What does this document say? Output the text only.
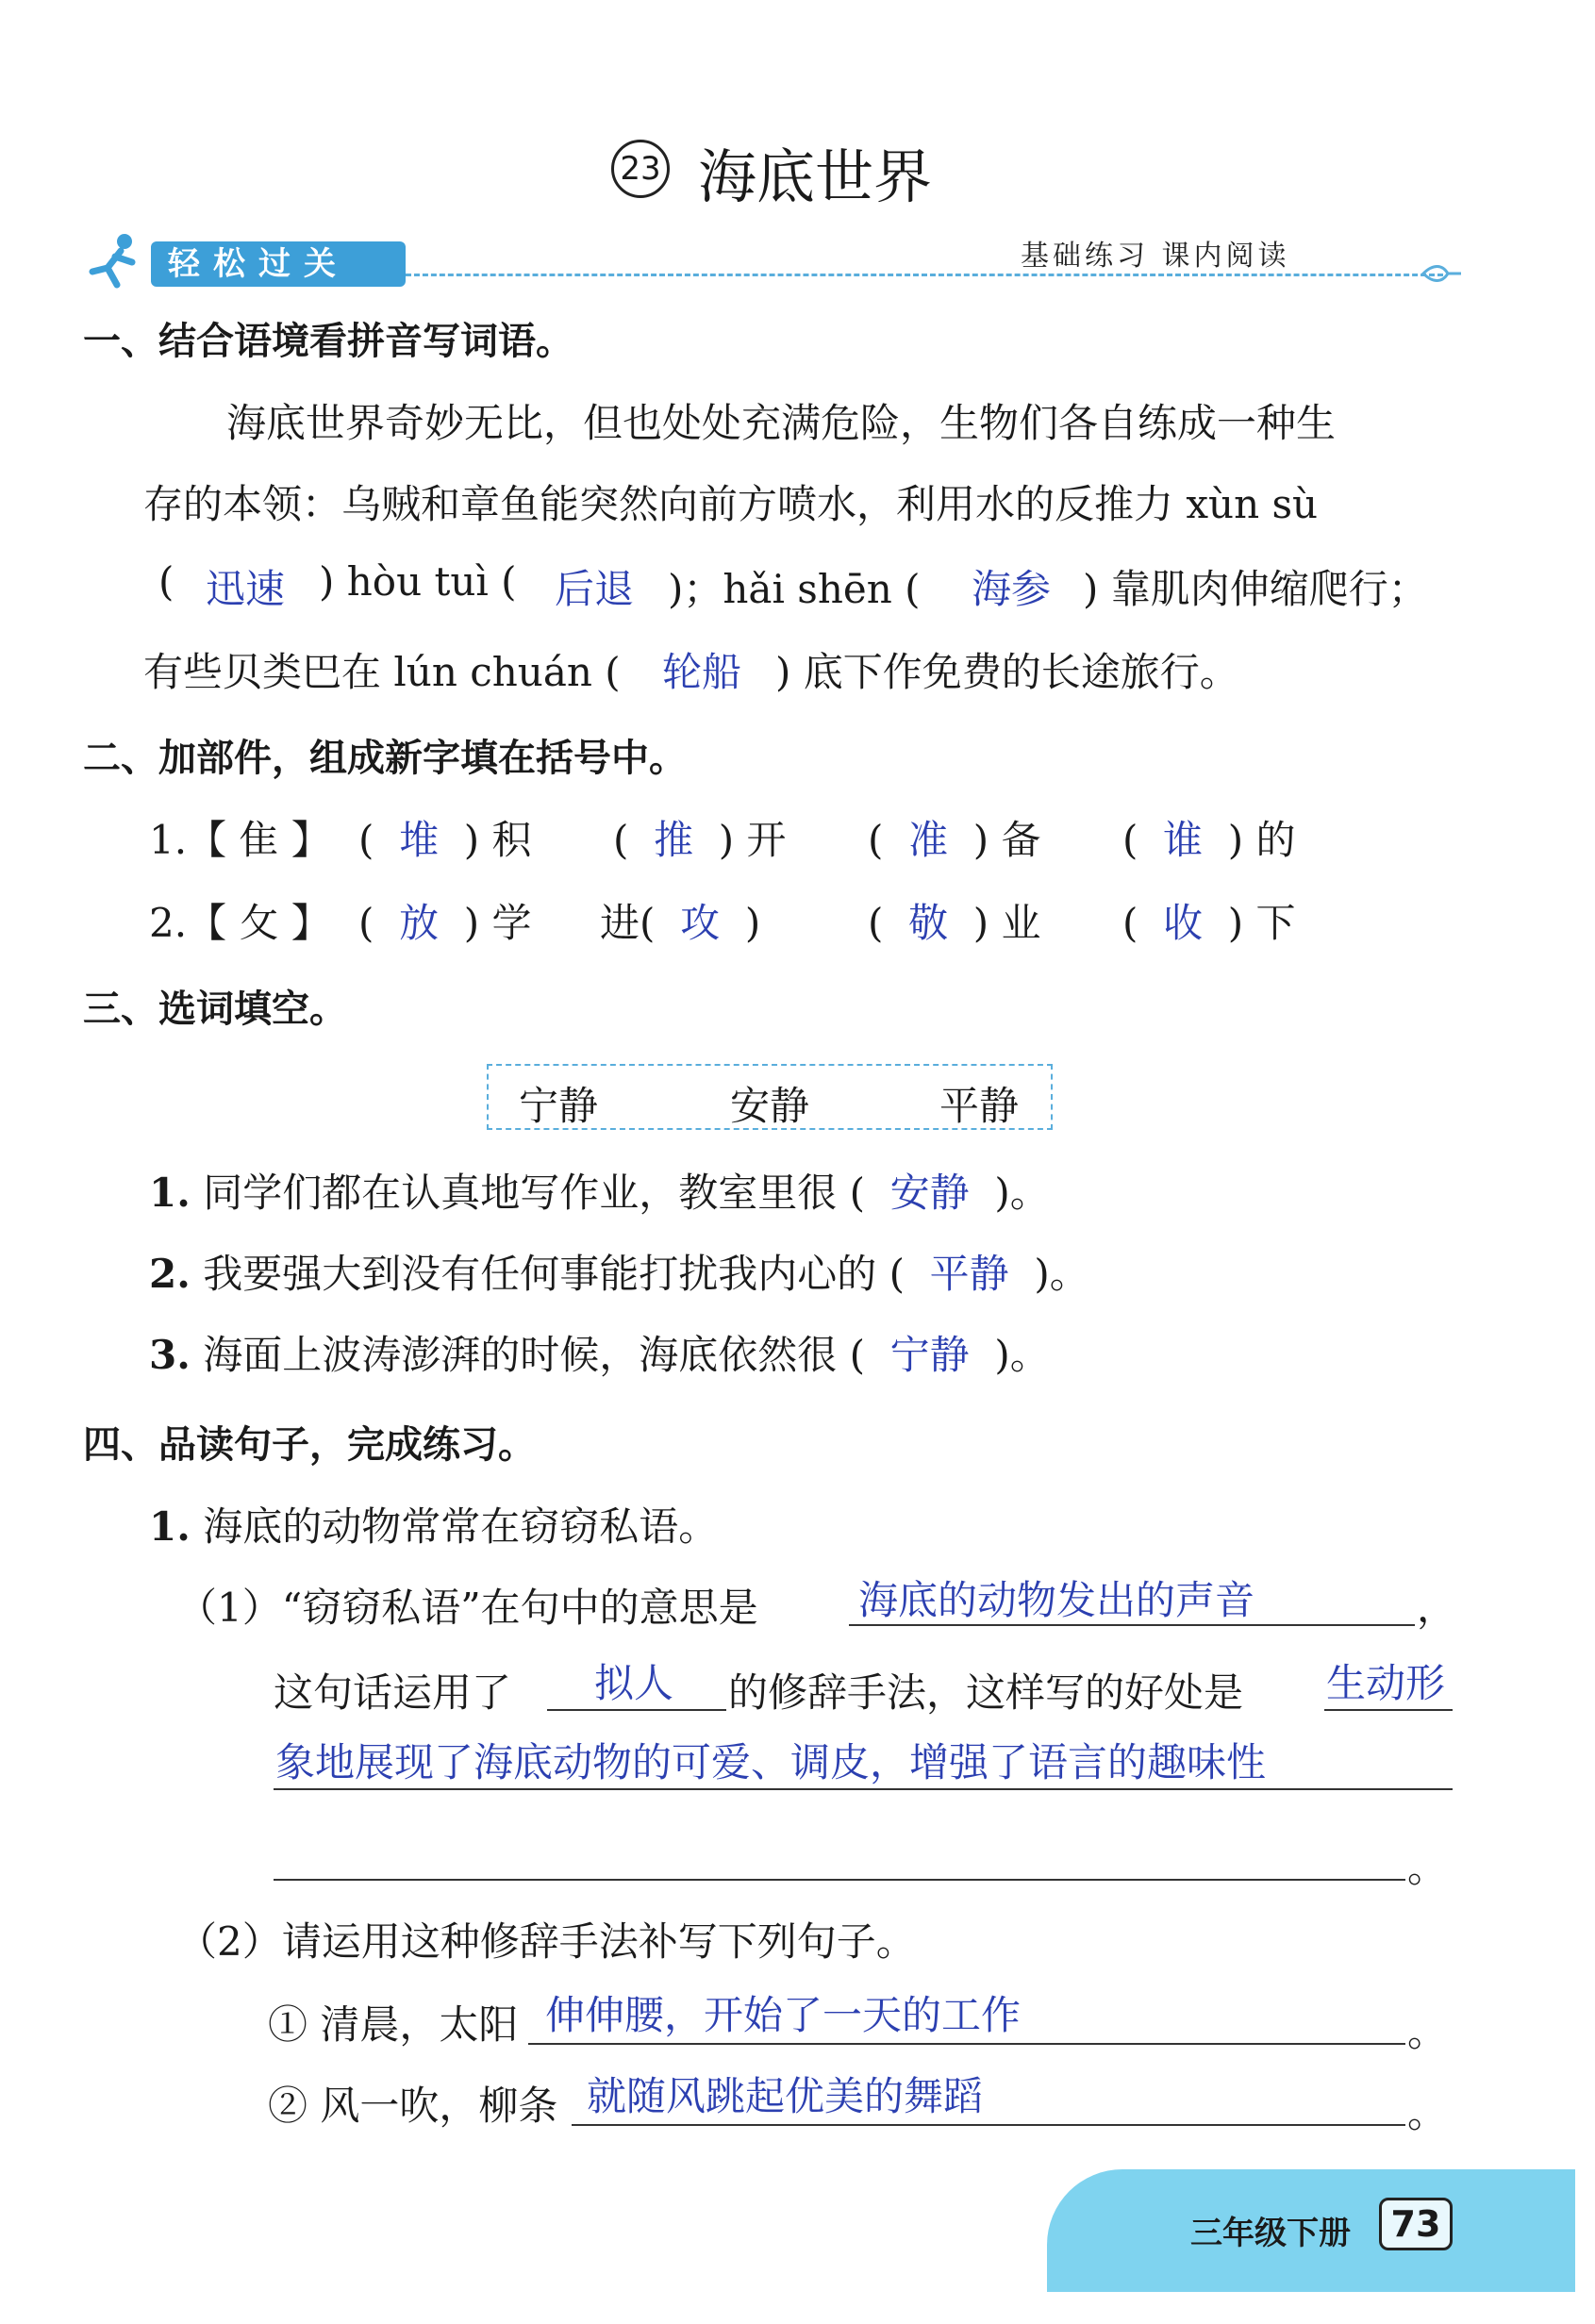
23 海底世界
轻松过关	基础练习 课内阅读
一、结合语境看拼音写词语。
海底世界奇妙无比，但也处处充满危险，生物们各自练成一种生
存的本领：乌贼和章鱼能突然向前方喷水，利用水的反推力 xùn sù
( 迅速 ) hòu tuì ( 后退 )；hǎi shēn ( 海参 ) 靠肌肉伸缩爬行；
有些贝类巴在 lún chuán ( 轮船 ) 底下作免费的长途旅行。
二、加部件，组成新字填在括号中。
1.【 隹 】 (  堆  ) 积 (  推  ) 开 (  准  ) 备 (  谁  ) 的
2.【 攵 】 (  放  ) 学 进(  攻  )	(  敬  ) 业 (  收  ) 下
三、选词填空。
宁静	安静	平静
1. 同学们都在认真地写作业，教室里很 ( 安静 )。
2. 我要强大到没有任何事能打扰我内心的 ( 平静 )。
3. 海面上波涛澎湃的时候，海底依然很 ( 宁静 )。
四、品读句子，完成练习。
1. 海底的动物常常在窃窃私语。
（1）“窃窃私语”在句中的意思是	海底的动物发出的声音	，
这句话运用了 拟人 的修辞手法，这样写的好处是 生动形
象地展现了海底动物的可爱、调皮，增强了语言的趣味性
。
（2）请运用这种修辞手法补写下列句子。
① 清晨，太阳 伸伸腰，开始了一天的工作	。
② 风一吹，柳条 就随风跳起优美的舞蹈	。
三年级下册	73
